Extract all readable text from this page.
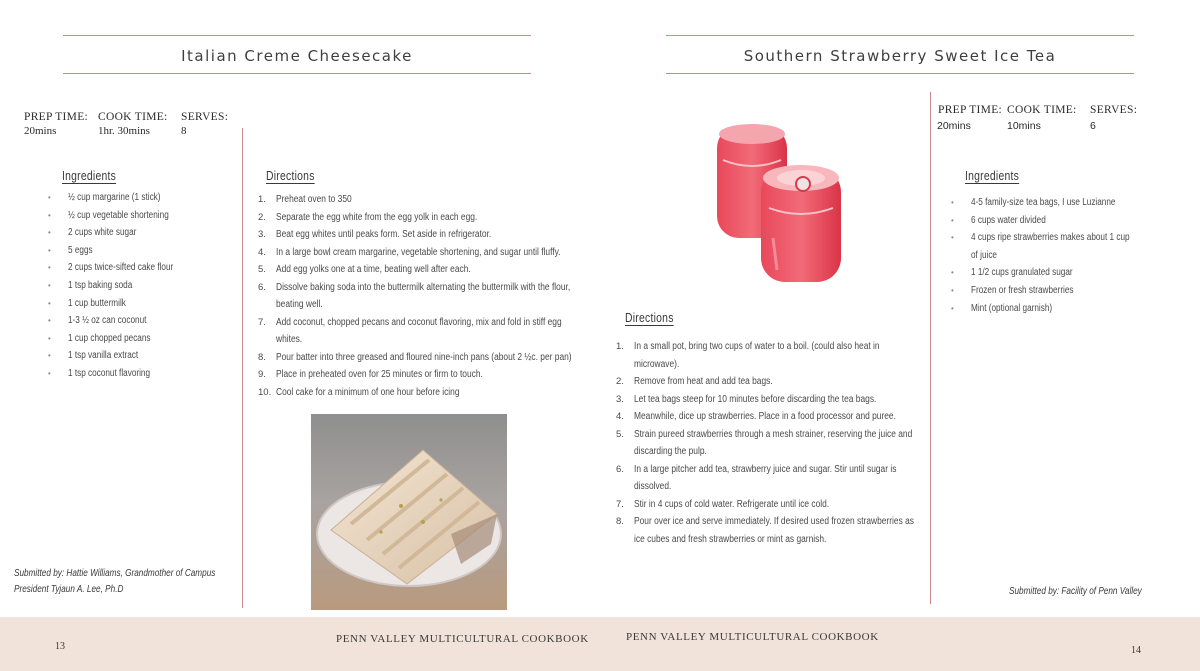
Italian Creme Cheesecake
PREP TIME:
20mins
COOK TIME:
1hr. 30mins
SERVES:
8
Ingredients
• ½ cup margarine (1 stick)
• ½ cup vegetable shortening
• 2 cups white sugar
• 5 eggs
• 2 cups twice-sifted cake flour
• 1 tsp baking soda
• 1 cup buttermilk
• 1-3 ½ oz can coconut
• 1 cup chopped pecans
• 1 tsp vanilla extract
• 1 tsp coconut flavoring
Directions
1. Preheat oven to 350
2. Separate the egg white from the egg yolk in each egg.
3. Beat egg whites until peaks form. Set aside in refrigerator.
4. In a large bowl cream margarine, vegetable shortening, and sugar until fluffy.
5. Add egg yolks one at a time, beating well after each.
6. Dissolve baking soda into the buttermilk alternating the buttermilk with the flour, beating well.
7. Add coconut, chopped pecans and coconut flavoring, mix and fold in stiff egg whites.
8. Pour batter into three greased and floured nine-inch pans (about 2 ½c. per pan)
9. Place in preheated oven for 25 minutes or firm to touch.
10. Cool cake for a minimum of one hour before icing
Submitted by: Hattie Williams, Grandmother of Campus
President Tyjaun A. Lee, Ph.D
Southern Strawberry Sweet Ice Tea
PREP TIME:
20mins
COOK TIME:
10mins
SERVES:
6
Ingredients
• 4-5 family-size tea bags, I use Luzianne
• 6 cups water divided
• 4 cups ripe strawberries makes about 1 cup of juice
• 1 1/2 cups granulated sugar
• Frozen or fresh strawberries
• Mint (optional garnish)
Directions
1. In a small pot, bring two cups of water to a boil. (could also heat in microwave).
2. Remove from heat and add tea bags.
3. Let tea bags steep for 10 minutes before discarding the tea bags.
4. Meanwhile, dice up strawberries. Place in a food processor and puree.
5. Strain pureed strawberries through a mesh strainer, reserving the juice and discarding the pulp.
6. In a large pitcher add tea, strawberry juice and sugar. Stir until sugar is dissolved.
7. Stir in 4 cups of cold water. Refrigerate until ice cold.
8. Pour over ice and serve immediately. If desired used frozen strawberries as ice cubes and fresh strawberries or mint as garnish.
Submitted by: Facility of Penn Valley
13
PENN VALLEY MULTICULTURAL COOKBOOK	PENN VALLEY MULTICULTURAL COOKBOOK
14
